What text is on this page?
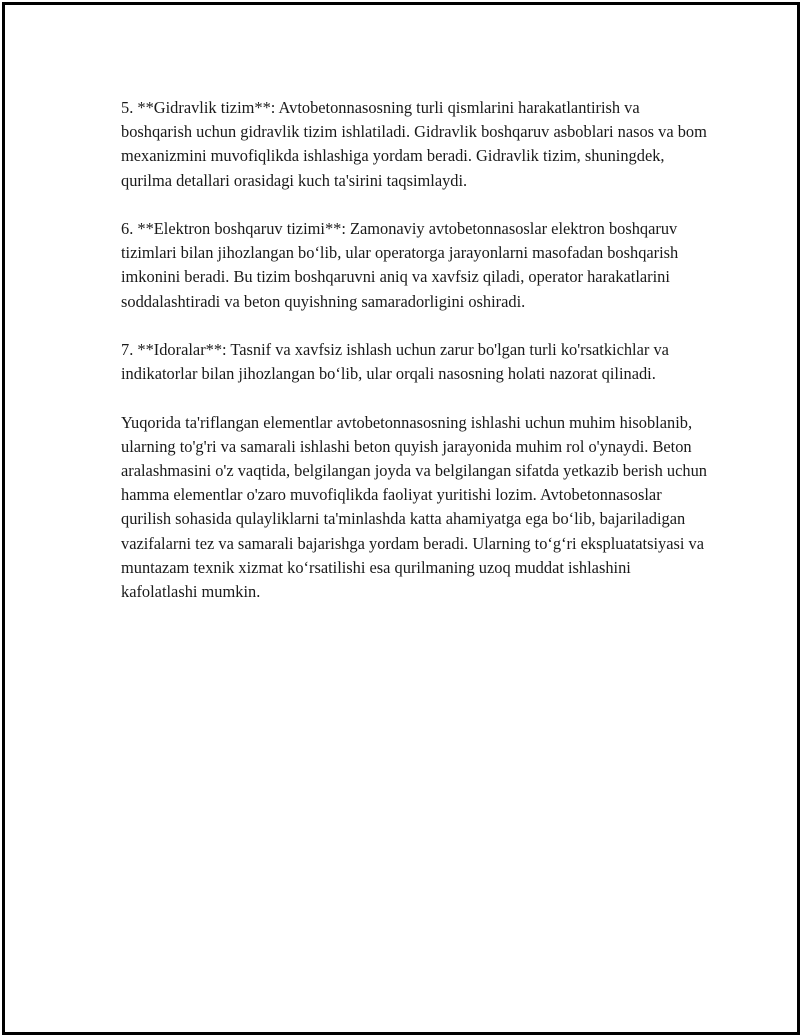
5. **Gidravlik tizim**: Avtobetonnasosning turli qismlarini harakatlantirish va boshqarish uchun gidravlik tizim ishlatiladi. Gidravlik boshqaruv asboblari nasos va bom mexanizmini muvofiqlikda ishlashiga yordam beradi. Gidravlik tizim, shuningdek, qurilma detallari orasidagi kuch ta'sirini taqsimlaydi.

6. **Elektron boshqaruv tizimi**: Zamonaviy avtobetonnasoslar elektron boshqaruv tizimlari bilan jihozlangan bo‘lib, ular operatorga jarayonlarni masofadan boshqarish imkonini beradi. Bu tizim boshqaruvni aniq va xavfsiz qiladi, operator harakatlarini soddalashtiradi va beton quyishning samaradorligini oshiradi.

7. **Idoralar**: Tasnif va xavfsiz ishlash uchun zarur bo'lgan turli ko'rsatkichlar va indikatorlar bilan jihozlangan bo‘lib, ular orqali nasosning holati nazorat qilinadi.

Yuqorida ta'riflangan elementlar avtobetonnasosning ishlashi uchun muhim hisoblanib, ularning to'g'ri va samarali ishlashi beton quyish jarayonida muhim rol o'ynaydi. Beton aralashmasini o'z vaqtida, belgilangan joyda va belgilangan sifatda yetkazib berish uchun hamma elementlar o'zaro muvofiqlikda faoliyat yuritishi lozim. Avtobetonnasoslar qurilish sohasida qulayliklarni ta'minlashda katta ahamiyatga ega bo‘lib, bajariladigan vazifalarni tez va samarali bajarishga yordam beradi. Ularning to‘g‘ri ekspluatatsiyasi va muntazam texnik xizmat ko‘rsatilishi esa qurilmaning uzoq muddat ishlashini kafolatlashi mumkin.
